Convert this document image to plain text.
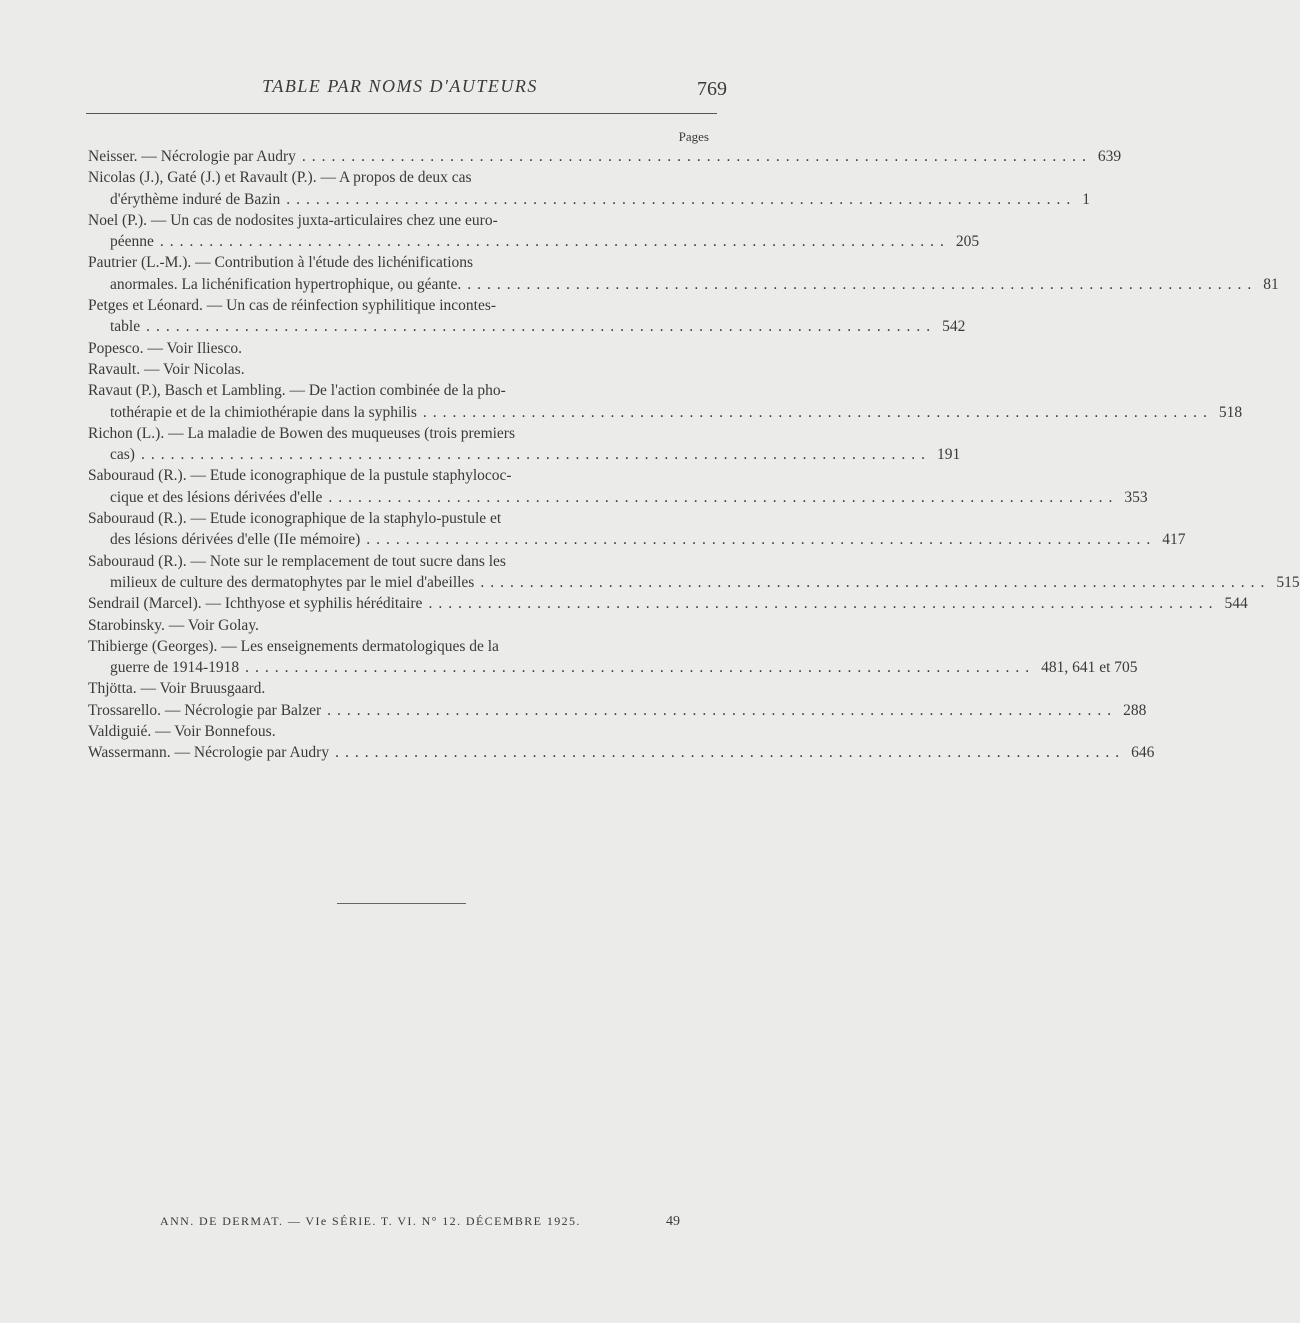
TABLE PAR NOMS D'AUTEURS	769
Pages
Neisser. — Nécrologie par Audry ................................................................................ 639
Nicolas (J.), Gaté (J.) et Ravault (P.). — A propos de deux cas
d'érythème induré de Bazin ................................................................................ 1
Noel (P.). — Un cas de nodosites juxta-articulaires chez une euro-
péenne ................................................................................ 205
Pautrier (L.-M.). — Contribution à l'étude des lichénifications
anormales. La lichénification hypertrophique, ou géante. ................................................................................ 81
Petges et Léonard. — Un cas de réinfection syphilitique incontes-
table ................................................................................ 542
Popesco. — Voir Iliesco.
Ravault. — Voir Nicolas.
Ravaut (P.), Basch et Lambling. — De l'action combinée de la pho-
tothérapie et de la chimiothérapie dans la syphilis ................................................................................ 518
Richon (L.). — La maladie de Bowen des muqueuses (trois premiers
cas) ................................................................................ 191
Sabouraud (R.). — Etude iconographique de la pustule staphylococ-
cique et des lésions dérivées d'elle ................................................................................ 353
Sabouraud (R.). — Etude iconographique de la staphylo-pustule et
des lésions dérivées d'elle (IIe mémoire) ................................................................................ 417
Sabouraud (R.). — Note sur le remplacement de tout sucre dans les
milieux de culture des dermatophytes par le miel d'abeilles ................................................................................ 515
Sendrail (Marcel). — Ichthyose et syphilis héréditaire ................................................................................ 544
Starobinsky. — Voir Golay.
Thibierge (Georges). — Les enseignements dermatologiques de la
guerre de 1914-1918 ................................................................................ 481, 641 et 705
Thjötta. — Voir Bruusgaard.
Trossarello. — Nécrologie par Balzer ................................................................................ 288
Valdiguié. — Voir Bonnefous.
Wassermann. — Nécrologie par Audry ................................................................................ 646
ANN. DE DERMAT. — VIe SÉRIE. T. VI. N° 12. DÉCEMBRE 1925.	49
